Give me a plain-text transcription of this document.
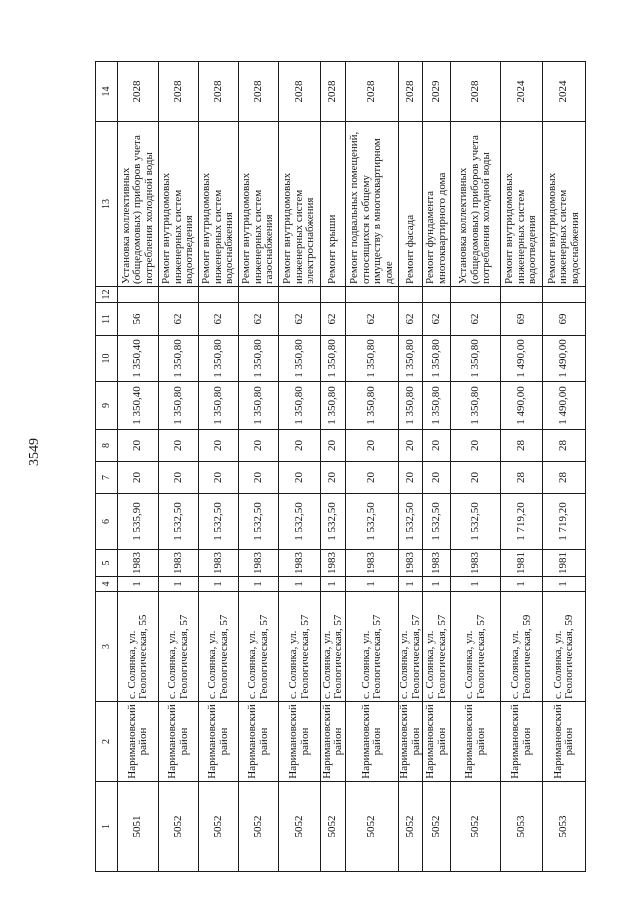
3549
1	2	3	4	5	6	7	8	9	10	11	12	13	14
5051	Наримановский район	с. Солянка, ул. Геологическая, 55	1	1983	1 535,90	20	20	1 350,40	1 350,40	56		Установка коллективных (общедомовых) приборов учета потребления холодной воды	2028
5052	Наримановский район	с. Солянка, ул. Геологическая, 57	1	1983	1 532,50	20	20	1 350,80	1 350,80	62		Ремонт внутридомовых инженерных систем водоотведения	2028
5052	Наримановский район	с. Солянка, ул. Геологическая, 57	1	1983	1 532,50	20	20	1 350,80	1 350,80	62		Ремонт внутридомовых инженерных систем водоснабжения	2028
5052	Наримановский район	с. Солянка, ул. Геологическая, 57	1	1983	1 532,50	20	20	1 350,80	1 350,80	62		Ремонт внутридомовых инженерных систем газоснабжения	2028
5052	Наримановский район	с. Солянка, ул. Геологическая, 57	1	1983	1 532,50	20	20	1 350,80	1 350,80	62		Ремонт внутридомовых инженерных систем электроснабжения	2028
5052	Наримановский район	с. Солянка, ул. Геологическая, 57	1	1983	1 532,50	20	20	1 350,80	1 350,80	62		Ремонт крыши	2028
5052	Наримановский район	с. Солянка, ул. Геологическая, 57	1	1983	1 532,50	20	20	1 350,80	1 350,80	62		Ремонт подвальных помещений, относящихся к общему имуществу в многоквартирном доме	2028
5052	Наримановский район	с. Солянка, ул. Геологическая, 57	1	1983	1 532,50	20	20	1 350,80	1 350,80	62		Ремонт фасада	2028
5052	Наримановский район	с. Солянка, ул. Геологическая, 57	1	1983	1 532,50	20	20	1 350,80	1 350,80	62		Ремонт фундамента многоквартирного дома	2029
5052	Наримановский район	с. Солянка, ул. Геологическая, 57	1	1983	1 532,50	20	20	1 350,80	1 350,80	62		Установка коллективных (общедомовых) приборов учета потребления холодной воды	2028
5053	Наримановский район	с. Солянка, ул. Геологическая, 59	1	1981	1 719,20	28	28	1 490,00	1 490,00	69		Ремонт внутридомовых инженерных систем водоотведения	2024
5053	Наримановский район	с. Солянка, ул. Геологическая, 59	1	1981	1 719,20	28	28	1 490,00	1 490,00	69		Ремонт внутридомовых инженерных систем водоснабжения	2024
